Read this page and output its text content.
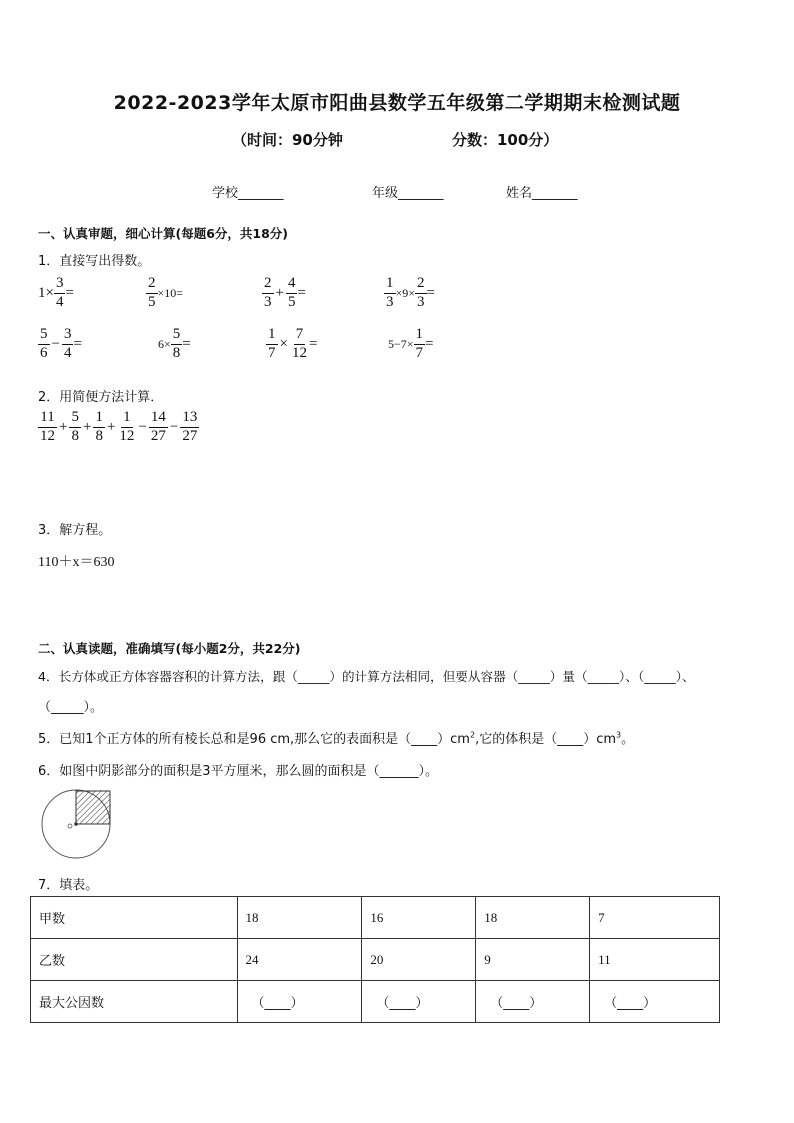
2022-2023学年太原市阳曲县数学五年级第二学期期末检测试题
（时间：90分钟	分数：100分）
学校_______	年级_______	姓名_______
一、认真审题，细心计算(每题6分，共18分)
1．直接写出得数。
$1\times \frac{3}{4}$ =	$\frac{2}{5} \times 10=$	$\frac{2}{3} + \frac{4}{5}$ =	$\frac{1}{3} \times 9\times \frac{2}{3}$ =
$\frac{5}{6} - \frac{3}{4}$ =	$6\times \frac{5}{8}$ =	$\frac{1}{7} \times \frac{7}{12}$ =	$5-7\times \frac{1}{7}$ =
2．用简便方法计算．
$\frac{11}{12} + \frac{5}{8} + \frac{1}{8} + \frac{1}{12} - \frac{14}{27} - \frac{13}{27}$
3．解方程。
110＋x＝630
二、认真读题，准确填写(每小题2分，共22分)
4．长方体或正方体容器容积的计算方法，跟（_____）的计算方法相同，但要从容器（_____）量（_____）、（_____）、
（_____）。
5．已知1个正方体的所有棱长总和是96 cm,那么它的表面积是$(\_\_\_\_)cm^2$,它的体积是$(\_\_\_\_)cm^3$。
6．如图中阴影部分的面积是3平方厘米，那么圆的面积是（______）。
7．填表。
甲数	18	16	18	7
乙数	24	20	9	11
最大公因数	（____）	（____）	（____）	（____）
